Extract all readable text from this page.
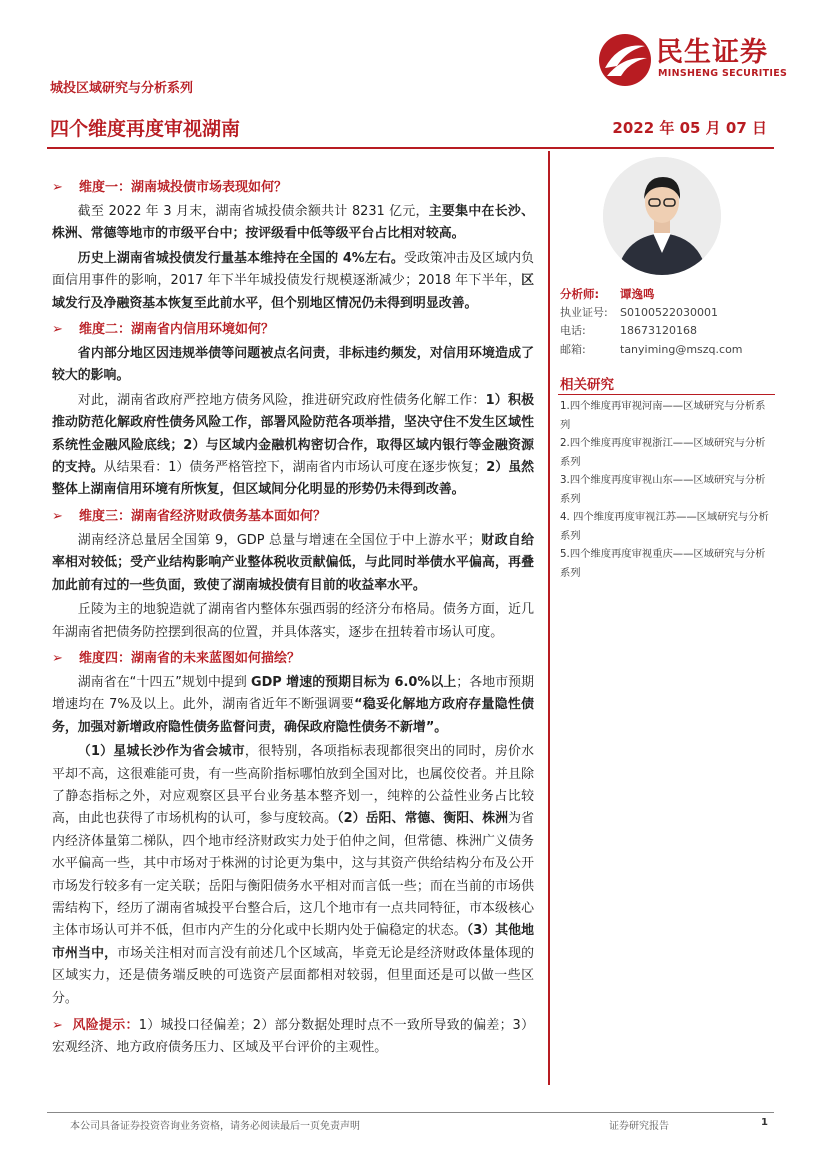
城投区域研究与分析系列
四个维度再度审视湖南	2022 年 05 月 07 日
民生证券
MINSHENG SECURITIES
➢ 维度一：湖南城投债市场表现如何？

截至 2022 年 3 月末，湖南省城投债余额共计 8231 亿元，主要集中在长沙、株洲、常德等地市的市级平台中；按评级看中低等级平台占比相对较高。

历史上湖南省城投债发行量基本维持在全国的 4%左右。受政策冲击及区域内负面信用事件的影响，2017 年下半年城投债发行规模逐渐减少；2018 年下半年，区域发行及净融资基本恢复至此前水平，但个别地区情况仍未得到明显改善。

➢ 维度二：湖南省内信用环境如何？

省内部分地区因违规举债等问题被点名问责，非标违约频发，对信用环境造成了较大的影响。

对此，湖南省政府严控地方债务风险，推进研究政府性债务化解工作：1）积极推动防范化解政府性债务风险工作，部署风险防范各项举措，坚决守住不发生区域性系统性金融风险底线；2）与区域内金融机构密切合作，取得区域内银行等金融资源的支持。从结果看：1）债务严格管控下，湖南省内市场认可度在逐步恢复；2）虽然整体上湖南信用环境有所恢复，但区域间分化明显的形势仍未得到改善。

➢ 维度三：湖南省经济财政债务基本面如何？

湖南经济总量居全国第 9，GDP 总量与增速在全国位于中上游水平；财政自给率相对较低；受产业结构影响产业整体税收贡献偏低，与此同时举债水平偏高，再叠加此前有过的一些负面，致使了湖南城投债有目前的收益率水平。

丘陵为主的地貌造就了湖南省内整体东强西弱的经济分布格局。债务方面，近几年湖南省把债务防控摆到很高的位置，并具体落实，逐步在扭转着市场认可度。

➢ 维度四：湖南省的未来蓝图如何描绘？

湖南省在“十四五”规划中提到 GDP 增速的预期目标为 6.0%以上；各地市预期增速均在 7%及以上。此外，湖南省近年不断强调要“稳妥化解地方政府存量隐性债务，加强对新增政府隐性债务监督问责，确保政府隐性债务不新增”。

（1）星城长沙作为省会城市，很特别，各项指标表现都很突出的同时，房价水平却不高，这很难能可贵，有一些高阶指标哪怕放到全国对比，也属佼佼者。并且除了静态指标之外，对应观察区县平台业务基本整齐划一，纯粹的公益性业务占比较高，由此也获得了市场机构的认可，参与度较高。（2）岳阳、常德、衡阳、株洲为省内经济体量第二梯队，四个地市经济财政实力处于伯仲之间，但常德、株洲广义债务水平偏高一些，其中市场对于株洲的讨论更为集中，这与其资产供给结构分布及公开市场发行较多有一定关联；岳阳与衡阳债务水平相对而言低一些；而在当前的市场供需结构下，经历了湖南省城投平台整合后，这几个地市有一点共同特征，市本级核心主体市场认可并不低，但市内产生的分化或中长期内处于偏稳定的状态。（3）其他地市州当中，市场关注相对而言没有前述几个区域高，毕竟无论是经济财政体量体现的区域实力，还是债务端反映的可选资产层面都相对较弱，但里面还是可以做一些区分。

➢  风险提示：1）城投口径偏差；2）部分数据处理时点不一致所导致的偏差；3）宏观经济、地方政府债务压力、区域及平台评价的主观性。

分析师:	谭逸鸣
执业证号:	S0100522030001
电话:	18673120168
邮箱:	tanyiming@mszq.com
相关研究
1.四个维度再审视河南——区域研究与分析系列
2.四个维度再度审视浙江——区域研究与分析系列
3.四个维度再度审视山东——区域研究与分析系列
4. 四个维度再度审视江苏——区域研究与分析系列
5.四个维度再度审视重庆——区域研究与分析系列
本公司具备证券投资咨询业务资格，请务必阅读最后一页免责声明	证券研究报告	1
